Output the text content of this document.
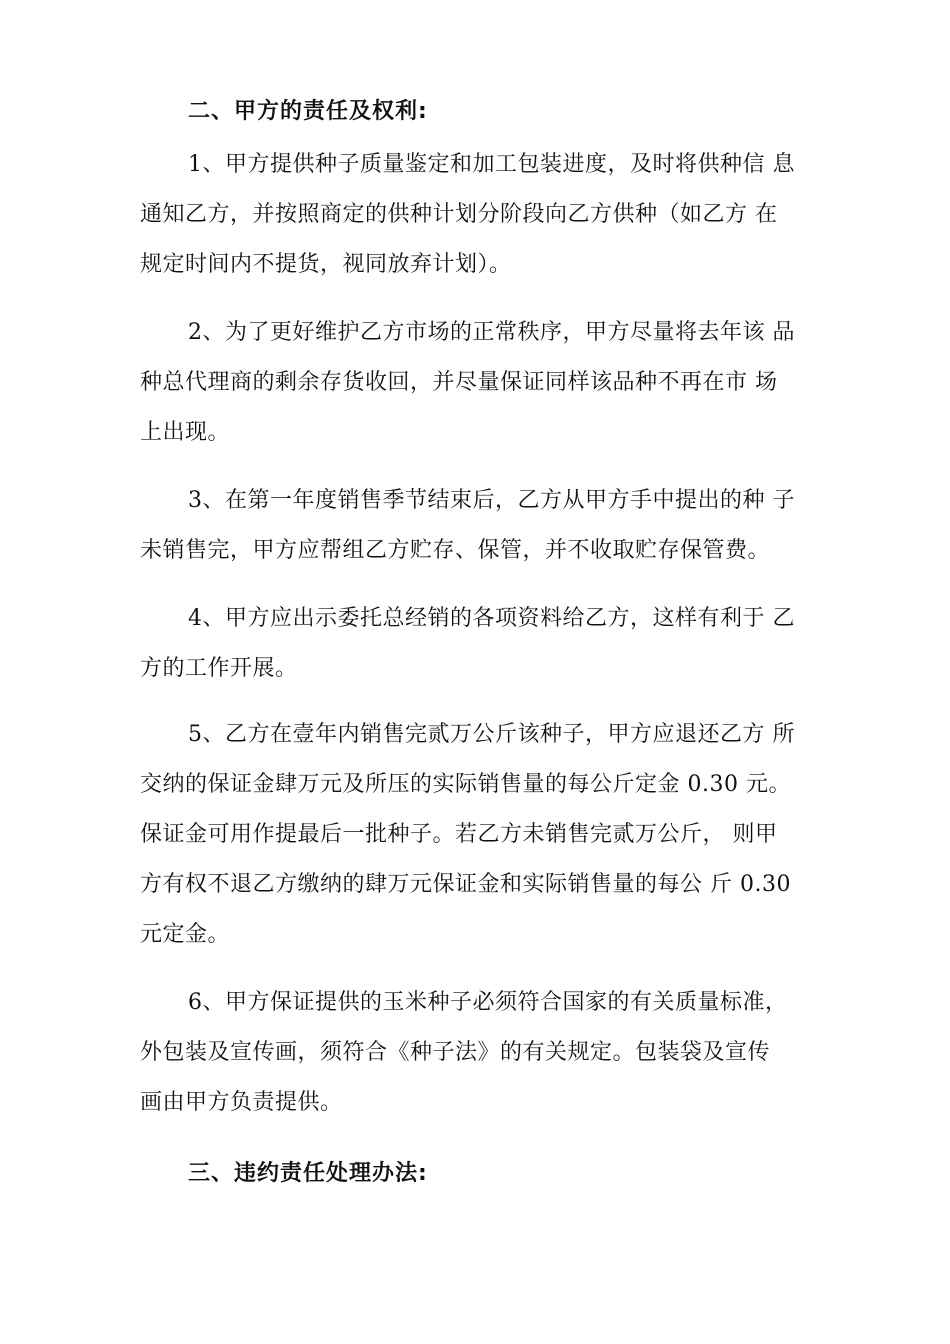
二、甲方的责任及权利:
1、甲方提供种子质量鉴定和加工包装进度，及时将供种信 息
通知乙方，并按照商定的供种计划分阶段向乙方供种（如乙方 在
规定时间内不提货，视同放弃计划）。
2、为了更好维护乙方市场的正常秩序，甲方尽量将去年该 品
种总代理商的剩余存货收回，并尽量保证同样该品种不再在市 场
上出现。
3、在第一年度销售季节结束后，乙方从甲方手中提出的种 子
未销售完，甲方应帮组乙方贮存、保管，并不收取贮存保管费。
4、甲方应出示委托总经销的各项资料给乙方，这样有利于 乙
方的工作开展。
5、乙方在壹年内销售完贰万公斤该种子，甲方应退还乙方 所
交纳的保证金肆万元及所压的实际销售量的每公斤定金 0.30 元。
保证金可用作提最后一批种子。若乙方未销售完贰万公斤， 则甲
方有权不退乙方缴纳的肆万元保证金和实际销售量的每公 斤 0.30
元定金。
6、甲方保证提供的玉米种子必须符合国家的有关质量标准，
外包装及宣传画，须符合《种子法》的有关规定。包装袋及宣传
画由甲方负责提供。
三、违约责任处理办法:
